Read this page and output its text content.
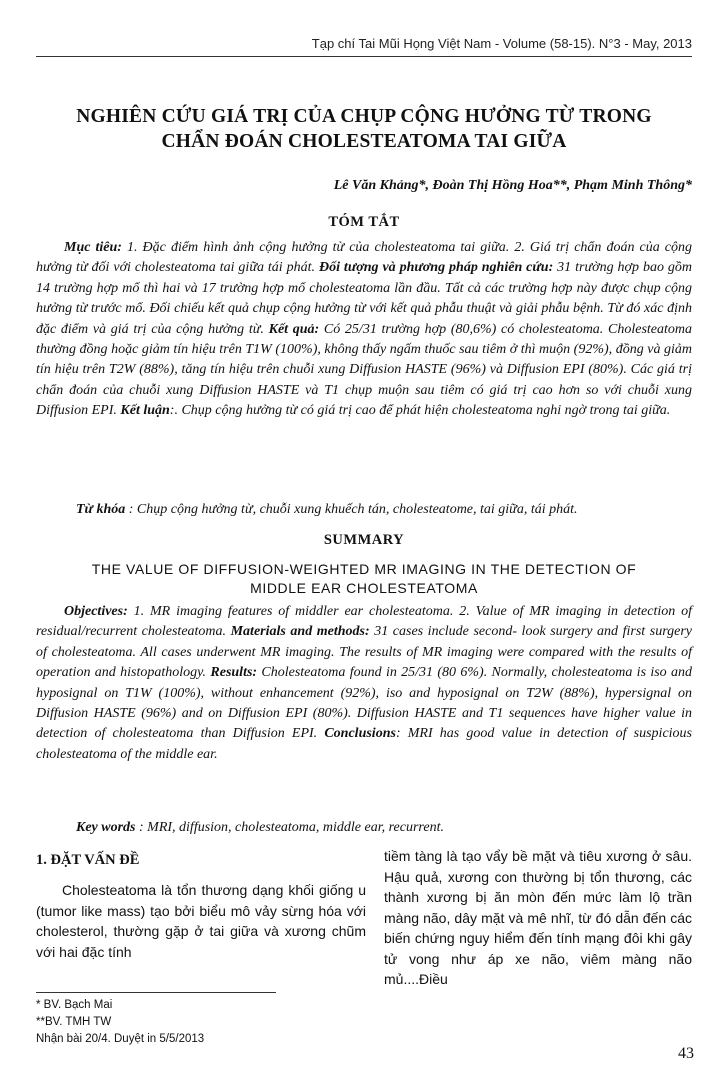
Tạp chí Tai Mũi Họng Việt Nam - Volume (58-15). N°3 - May, 2013
NGHIÊN CỨU GIÁ TRỊ CỦA CHỤP CỘNG HƯỞNG TỪ TRONG
CHẨN ĐOÁN CHOLESTEATOMA TAI GIỮA
Lê Văn Khảng*, Đoàn Thị Hồng Hoa**, Phạm Minh Thông*
TÓM TẮT

Mục tiêu: 1. Đặc điểm hình ảnh cộng hưởng từ của cholesteatoma tai giữa. 2. Giá trị chẩn đoán của cộng hưởng từ đối với cholesteatoma tai giữa tái phát. Đối tượng và phương pháp nghiên cứu: 31 trường hợp bao gồm 14 trường hợp mổ thì hai và 17 trường hợp mổ cholesteatoma lần đầu. Tất cả các trường hợp này được chụp cộng hưởng từ trước mổ. Đối chiếu kết quả chụp cộng hưởng từ với kết quả phẫu thuật và giải phẫu bệnh. Từ đó xác định đặc điểm và giá trị của cộng hưởng từ. Kết quả: Có 25/31 trường hợp (80,6%) có cholesteatoma. Cholesteatoma thường đồng hoặc giảm tín hiệu trên T1W (100%), không thấy ngấm thuốc sau tiêm ở thì muộn (92%), đồng và giảm tín hiệu trên T2W (88%), tăng tín hiệu trên chuỗi xung Diffusion HASTE (96%) và Diffusion EPI (80%). Các giá trị chẩn đoán của chuỗi xung Diffusion HASTE và T1 chụp muộn sau tiêm có giá trị cao hơn so với chuỗi xung Diffusion EPI. Kết luận:. Chụp cộng hưởng từ có giá trị cao để phát hiện cholesteatoma nghi ngờ trong tai giữa.

Từ khóa : Chụp cộng hưởng từ, chuỗi xung khuếch tán, cholesteatome, tai giữa, tái phát.

SUMMARY
THE VALUE OF DIFFUSION-WEIGHTED MR IMAGING IN THE DETECTION OF
MIDDLE EAR CHOLESTEATOMA

Objectives: 1. MR imaging features of middler ear cholesteatoma. 2. Value of MR imaging in detection of residual/recurrent cholesteatoma. Materials and methods: 31 cases include second- look surgery and first surgery of cholesteatoma. All cases underwent MR imaging. The results of MR imaging were compared with the results of operation and histopathology. Results: Cholesteatoma found in 25/31 (80 6%). Normally, cholesteatoma is iso and hyposignal on T1W (100%), without enhancement (92%), iso and hyposignal on T2W (88%), hypersignal on Diffusion HASTE (96%) and on Diffusion EPI (80%). Diffusion HASTE and T1 sequences have higher value in detection of cholesteatoma than Diffusion EPI. Conclusions: MRI has good value in detection of suspicious cholesteatoma of the middle ear.

Key words : MRI, diffusion, cholesteatoma, middle ear, recurrent.

1. ĐẶT VẤN ĐỀ

Cholesteatoma là tổn thương dạng khối giống u (tumor like mass) tạo bởi biểu mô vảy sừng hóa với cholesterol, thường gặp ở tai giữa và xương chũm với hai đặc tính

tiềm tàng là tạo vẩy bề mặt và tiêu xương ở sâu. Hậu quả, xương con thường bị tổn thương, các thành xương bị ăn mòn đến mức làm lộ trần màng não, dây mặt và mê nhĩ, từ đó dẫn đến các biến chứng nguy hiểm đến tính mạng đôi khi gây tử vong như áp xe não, viêm màng não mủ....Điều

* BV. Bạch Mai
**BV. TMH TW
Nhận bài 20/4. Duyệt in 5/5/2013
43
